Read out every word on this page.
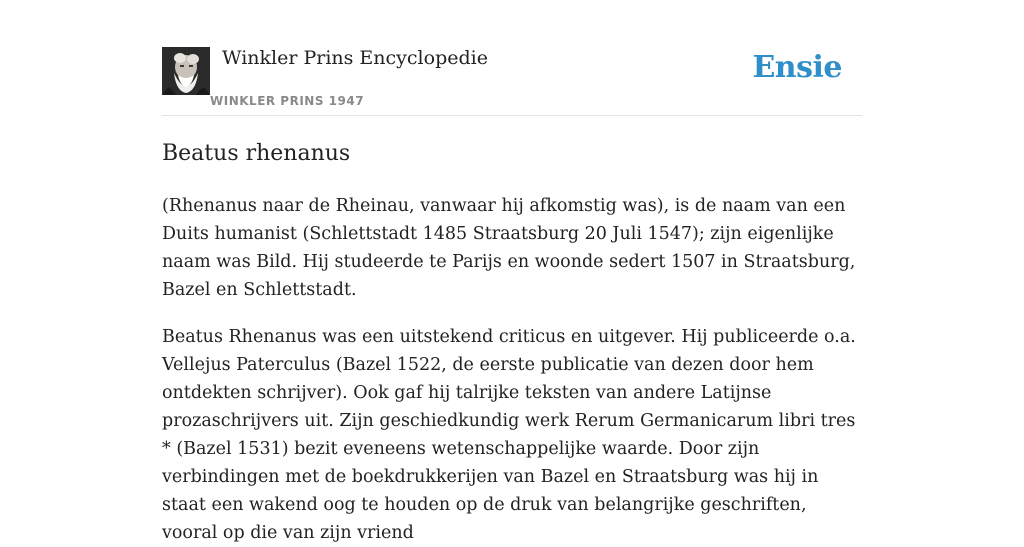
Winkler Prins Encyclopedie
WINKLER PRINS 1947
Ensie
Beatus rhenanus

(Rhenanus naar de Rheinau, vanwaar hij afkomstig was), is de naam van een Duits humanist (Schlettstadt 1485 Straatsburg 20 Juli 1547); zijn eigenlijke naam was Bild. Hij studeerde te Parijs en woonde sedert 1507 in Straatsburg, Bazel en Schlettstadt.

Beatus Rhenanus was een uitstekend criticus en uitgever. Hij publiceerde o.a. Vellejus Paterculus (Bazel 1522, de eerste publicatie van dezen door hem ontdekten schrijver). Ook gaf hij talrijke teksten van andere Latijnse prozaschrijvers uit. Zijn geschiedkundig werk Rerum Germanicarum libri tres * (Bazel 1531) bezit eveneens wetenschappelijke waarde. Door zijn verbindingen met de boekdrukkerijen van Bazel en Straatsburg was hij in staat een wakend oog te houden op de druk van belangrijke geschriften, vooral op die van zijn vriend
